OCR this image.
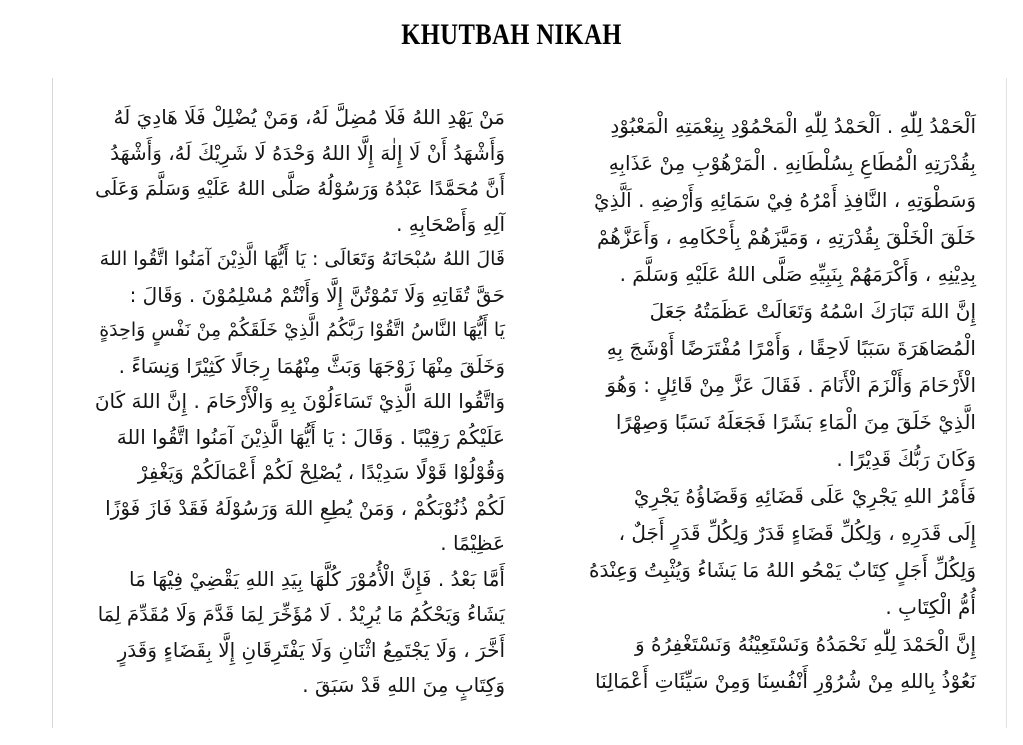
KHUTBAH NIKAH
مَنْ يَهْدِ اللهُ فَلَا مُضِلَّ لَهُ، وَمَنْ يُضْلِلْ فَلَا هَادِيَ لَهُ
وَأَشْهَدُ أَنْ لَا إِلٰهَ إِلَّا اللهُ وَحْدَهُ لَا شَرِيْكَ لَهُ، وَأَشْهَدُ
أَنَّ مُحَمَّدًا عَبْدُهُ وَرَسُوْلُهُ صَلَّى اللهُ عَلَيْهِ وَسَلَّمَ وَعَلَى
آلِهِ وَأَصْحَابِهِ .
قَالَ اللهُ سُبْحَانَهُ وَتَعَالَى : يَا أَيُّهَا الَّذِيْنَ آمَنُوا اتَّقُوا اللهَ
حَقَّ تُقَاتِهِ وَلَا تَمُوْتُنَّ إِلَّا وَأَنْتُمْ مُسْلِمُوْنَ . وَقَالَ :
يَا أَيُّهَا النَّاسُ اتَّقُوْا رَبَّكُمُ الَّذِيْ خَلَقَكُمْ مِنْ نَفْسٍ وَاحِدَةٍ
وَخَلَقَ مِنْهَا زَوْجَهَا وَبَثَّ مِنْهُمَا رِجَالًا كَثِيْرًا وَنِسَاءً .
وَاتَّقُوا اللهَ الَّذِيْ تَسَاءَلُوْنَ بِهِ وَالْأَرْحَامَ . إِنَّ اللهَ كَانَ
عَلَيْكُمْ رَقِيْبًا . وَقَالَ : يَا أَيُّهَا الَّذِيْنَ آمَنُوا اتَّقُوا اللهَ
وَقُوْلُوْا قَوْلًا سَدِيْدًا ، يُصْلِحْ لَكُمْ أَعْمَالَكُمْ وَيَغْفِرْ
لَكُمْ ذُنُوْبَكُمْ ، وَمَنْ يُطِعِ اللهَ وَرَسُوْلَهُ فَقَدْ فَازَ فَوْزًا
عَظِيْمًا .
أَمَّا بَعْدُ . فَإِنَّ الْأُمُوْرَ كُلَّهَا بِيَدِ اللهِ يَقْضِيْ فِيْهَا مَا
يَشَاءُ وَيَحْكُمُ مَا يُرِيْدُ . لَا مُؤَخِّرَ لِمَا قَدَّمَ وَلَا مُقَدِّمَ لِمَا
أَخَّرَ ، وَلَا يَجْتَمِعُ اثْنَانِ وَلَا يَفْتَرِقَانِ إِلَّا بِقَضَاءٍ وَقَدَرٍ
وَكِتَابٍ مِنَ اللهِ قَدْ سَبَقَ .
اَلْحَمْدُ لِلّٰهِ . اَلْحَمْدُ لِلّٰهِ الْمَحْمُوْدِ بِنِعْمَتِهِ الْمَعْبُوْدِ
بِقُدْرَتِهِ الْمُطَاعِ بِسُلْطَانِهِ . الْمَرْهُوْبِ مِنْ عَذَابِهِ
وَسَطْوَتِهِ ، النَّافِذِ أَمْرُهُ فِيْ سَمَائِهِ وَأَرْضِهِ . اَلَّذِيْ
خَلَقَ الْخَلْقَ بِقُدْرَتِهِ ، وَمَيَّزَهُمْ بِأَحْكَامِهِ ، وَأَعَزَّهُمْ
بِدِيْنِهِ ، وَأَكْرَمَهُمْ بِنَبِيِّهِ صَلَّى اللهُ عَلَيْهِ وَسَلَّمَ .
إِنَّ اللهَ تَبَارَكَ اسْمُهُ وَتَعَالَتْ عَظَمَتُهُ جَعَلَ
الْمُصَاهَرَةَ سَبَبًا لَاحِقًا ، وَأَمْرًا مُفْتَرَضًا أَوْشَجَ بِهِ
الْأَرْحَامَ وَأَلْزَمَ الْأَنَامَ . فَقَالَ عَزَّ مِنْ قَائِلٍ : وَهُوَ
الَّذِيْ خَلَقَ مِنَ الْمَاءِ بَشَرًا فَجَعَلَهُ نَسَبًا وَصِهْرًا
وَكَانَ رَبُّكَ قَدِيْرًا .
فَأَمْرُ اللهِ يَجْرِيْ عَلَى قَضَائِهِ وَقَضَاؤُهُ يَجْرِيْ
إِلَى قَدَرِهِ ، وَلِكُلِّ قَضَاءٍ قَدَرٌ وَلِكُلِّ قَدَرٍ أَجَلٌ ،
وَلِكُلِّ أَجَلٍ كِتَابٌ يَمْحُو اللهُ مَا يَشَاءُ وَيُثْبِتُ وَعِنْدَهُ
أُمُّ الْكِتَابِ .
إِنَّ الْحَمْدَ لِلّٰهِ نَحْمَدُهُ وَنَسْتَعِيْنُهُ وَنَسْتَغْفِرُهُ وَ
نَعُوْذُ بِاللهِ مِنْ شُرُوْرِ أَنْفُسِنَا وَمِنْ سَيِّئَاتِ أَعْمَالِنَا
